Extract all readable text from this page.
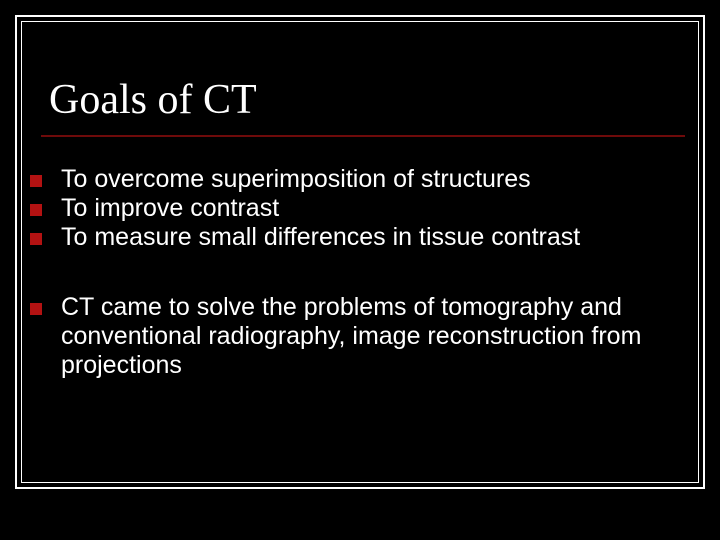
Goals of CT
To overcome superimposition of structures
To improve contrast
To measure small differences in tissue contrast
CT came to solve the problems of tomography and conventional radiography, image reconstruction from projections
